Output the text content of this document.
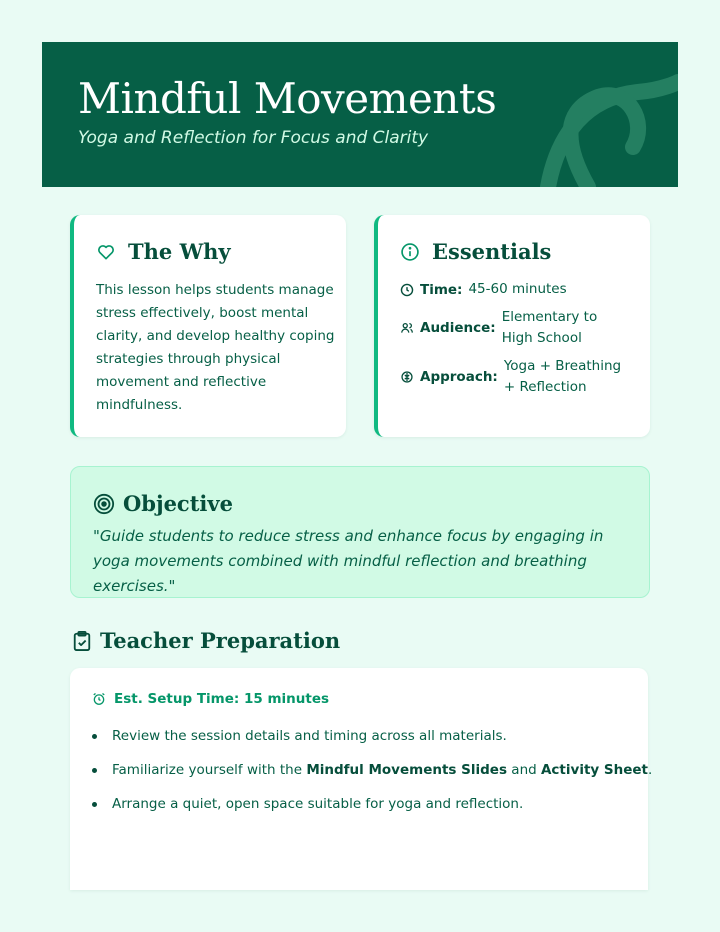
Mindful Movements

Yoga and Reflection for Focus and Clarity

The Why

This lesson helps students manage stress effectively, boost mental clarity, and develop healthy coping strategies through physical movement and reflective mindfulness.

Essentials
Time: 45-60 minutes
Audience:
Elementary to High School
Approach:
Yoga + Breathing + Reflection
Objective

"Guide students to reduce stress and enhance focus by engaging in yoga movements combined with mindful reflection and breathing exercises."

Teacher Preparation
Est. Setup Time: 15 minutes
Review the session details and timing across all materials.
Familiarize yourself with the Mindful Movements Slides and Activity Sheet.
Arrange a quiet, open space suitable for yoga and reflection.
